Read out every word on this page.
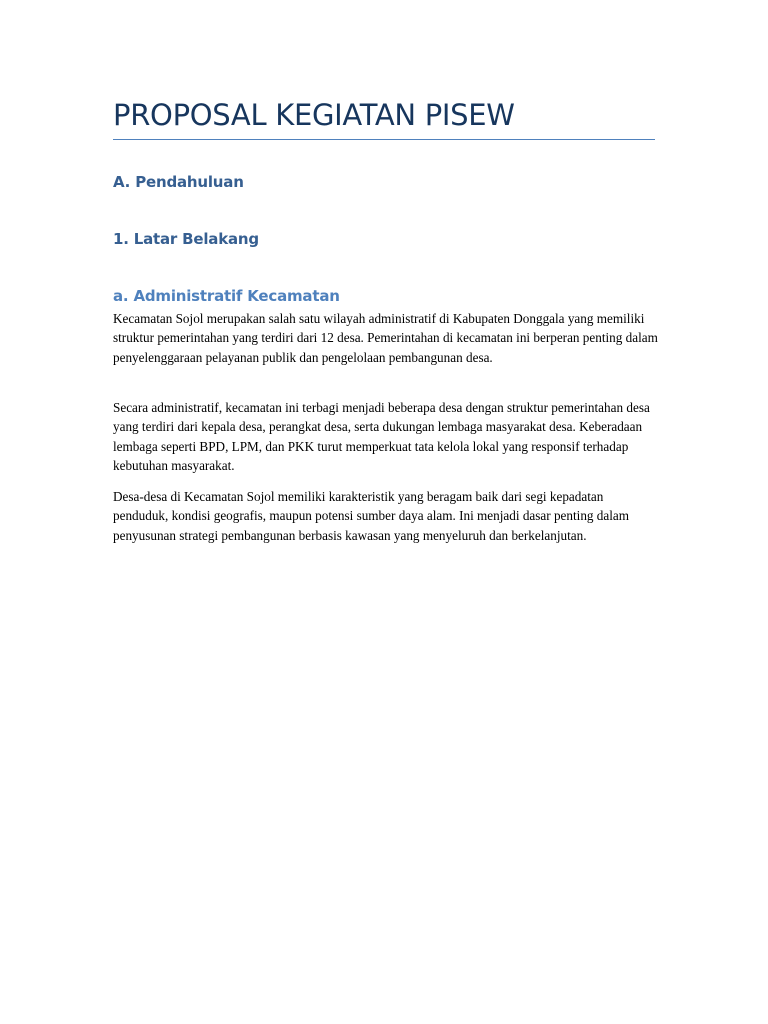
PROPOSAL KEGIATAN PISEW
A. Pendahuluan
1. Latar Belakang
a. Administratif Kecamatan

Kecamatan Sojol merupakan salah satu wilayah administratif di Kabupaten Donggala yang memiliki struktur pemerintahan yang terdiri dari 12 desa. Pemerintahan di kecamatan ini berperan penting dalam penyelenggaraan pelayanan publik dan pengelolaan pembangunan desa.

Secara administratif, kecamatan ini terbagi menjadi beberapa desa dengan struktur pemerintahan desa yang terdiri dari kepala desa, perangkat desa, serta dukungan lembaga masyarakat desa. Keberadaan lembaga seperti BPD, LPM, dan PKK turut memperkuat tata kelola lokal yang responsif terhadap kebutuhan masyarakat.

Desa-desa di Kecamatan Sojol memiliki karakteristik yang beragam baik dari segi kepadatan penduduk, kondisi geografis, maupun potensi sumber daya alam. Ini menjadi dasar penting dalam penyusunan strategi pembangunan berbasis kawasan yang menyeluruh dan berkelanjutan.
